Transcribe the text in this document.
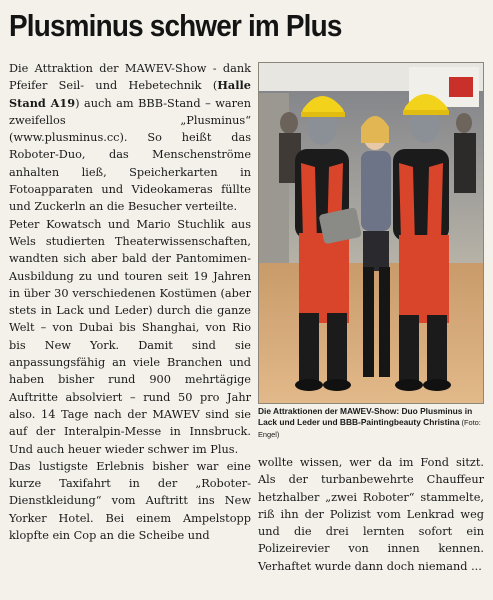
Plusminus schwer im Plus

Die Attraktion der MAWEV-Show - dank Pfeifer Seil- und Hebetechnik (Halle Stand A19) auch am BBB-Stand – waren zweifellos „Plusminus“ (www.plusminus.cc). So heißt das Roboter-Duo, das Menschenströme anhalten ließ, Speicherkarten in Fotoapparaten und Videokameras füllte und Zuckerln an die Besucher verteilte.

Peter Kowatsch und Mario Stuchlik aus Wels studierten Theaterwissenschaften, wandten sich aber bald der Pantomimen-Ausbildung zu und touren seit 19 Jahren in über 30 verschiedenen Kostümen (aber stets in Lack und Leder) durch die ganze Welt – von Dubai bis Shanghai, von Rio bis New York. Damit sind sie anpassungsfähig an viele Branchen und haben bisher rund 900 mehrtägige Auftritte absolviert – rund 50 pro Jahr also. 14 Tage nach der MAWEV sind sie auf der Interalpin-Messe in Innsbruck. Und auch heuer wieder schwer im Plus.

Das lustigste Erlebnis bisher war eine kurze Taxifahrt in der „Roboter-Dienstkleidung“ vom Auftritt ins New Yorker Hotel. Bei einem Ampelstopp klopfte ein Cop an die Scheibe und

Die Attraktionen der MAWEV-Show: Duo Plusminus in Lack und Leder und BBB-Paintingbeauty Christina (Foto: Engel)

wollte wissen, wer da im Fond sitzt. Als der turbanbewehrte Chauffeur hetzhalber „zwei Roboter“ stammelte, riß ihn der Polizist vom Lenkrad weg und die drei lernten sofort ein Polizeirevier von innen kennen. Verhaftet wurde dann doch niemand ...
